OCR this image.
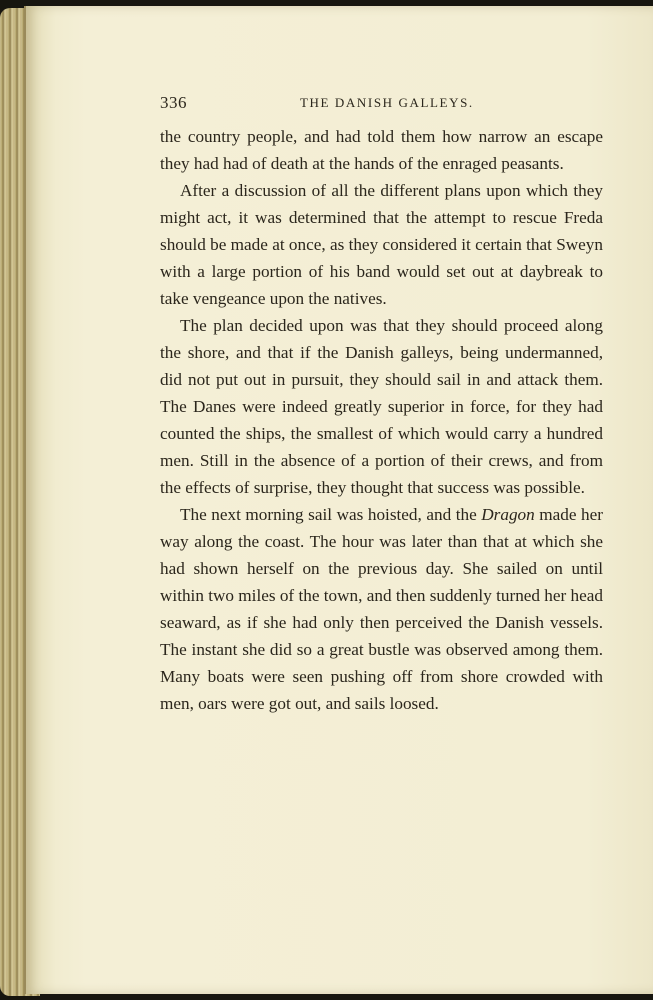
336	THE DANISH GALLEYS.

the country people, and had told them how narrow an escape they had had of death at the hands of the enraged peasants.

After a discussion of all the different plans upon which they might act, it was determined that the attempt to rescue Freda should be made at once, as they considered it certain that Sweyn with a large portion of his band would set out at daybreak to take vengeance upon the natives.

The plan decided upon was that they should proceed along the shore, and that if the Danish galleys, being undermanned, did not put out in pursuit, they should sail in and attack them. The Danes were indeed greatly superior in force, for they had counted the ships, the smallest of which would carry a hundred men. Still in the absence of a portion of their crews, and from the effects of surprise, they thought that success was possible.

The next morning sail was hoisted, and the Dragon made her way along the coast. The hour was later than that at which she had shown herself on the previous day. She sailed on until within two miles of the town, and then suddenly turned her head seaward, as if she had only then perceived the Danish vessels. The instant she did so a great bustle was observed among them. Many boats were seen pushing off from shore crowded with men, oars were got out, and sails loosed.
